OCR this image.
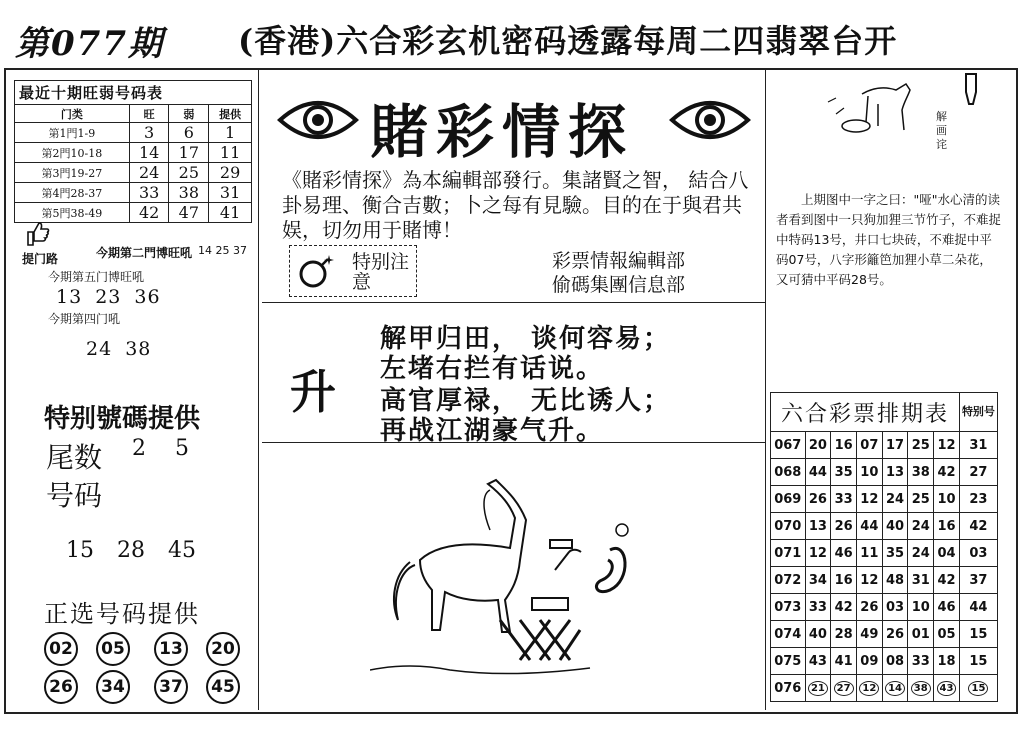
第077期 (香港)六合彩玄机密码透露每周二四翡翠台开
最近十期旺弱号码表
门类	旺	弱	提供
第1門1-9	3	6	1
第2門10-18	14	17	11
第3門19-27	24	25	29
第4門28-37	33	38	31
第5門38-49	42	47	41
提门路	今期第二門博旺吼 14 25 37
今期第五门博旺吼
13 23 36
今期第四门吼
24 38
特别號碼提供
尾数 2 5
号码
15 28 45
正选号码提供
02	05	13	20
26	34	37	45
賭彩情探
《賭彩情探》為本編輯部發行。集諸賢之智， 結合八卦易理、衡合吉數；卜之每有見驗。目的在于與君共娱，切勿用于賭博！
特别注意
彩票情報編輯部
偷碼集團信息部
升
解甲归田， 谈何容易；
左堵右拦有话说。
高官厚禄， 无比诱人；
再战江湖豪气升。
解画诧
上期图中一字之曰："哑"水心清的读者看到图中一只狗加狸三节竹子，不难捉中特码13号，井口七块砖，不难捉中平码07号，八字形籬笆加狸小草二朵花，又可猜中平码28号。
六合彩票排期表							特别号
067	20	16	07	17	25	12	31
068	44	35	10	13	38	42	27
069	26	33	12	24	25	10	23
070	13	26	44	40	24	16	42
071	12	46	11	35	24	04	03
072	34	16	12	48	31	42	37
073	33	42	26	03	10	46	44
074	40	28	49	26	01	05	15
075	43	41	09	08	33	18	15
076	21	27	12	14	38	43	15
